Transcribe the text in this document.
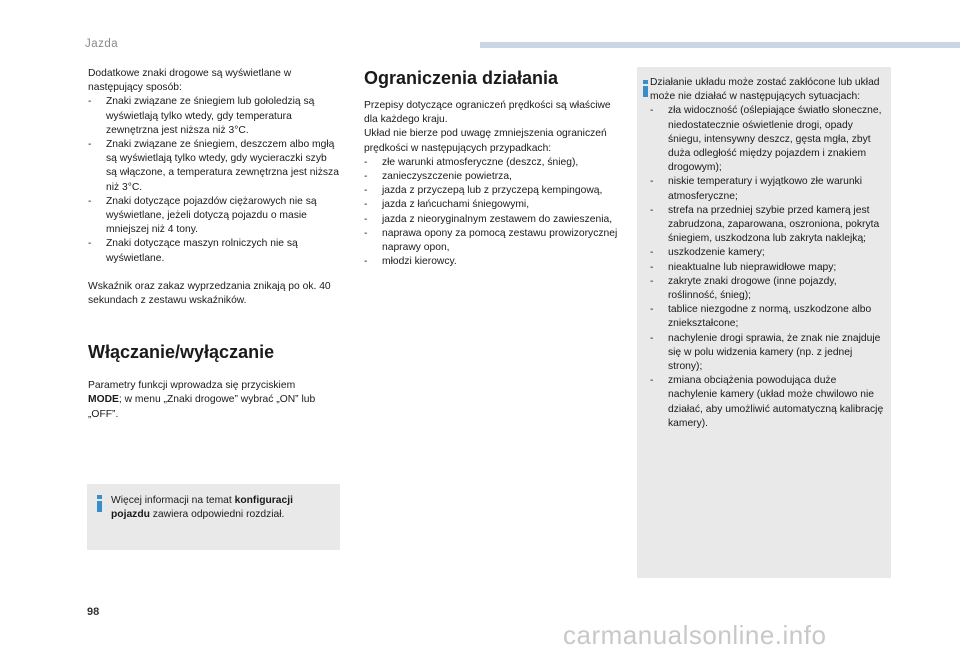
Jazda

Dodatkowe znaki drogowe są wyświetlane w następujący sposób:

- Znaki związane ze śniegiem lub gołoledzią są wyświetlają tylko wtedy, gdy temperatura zewnętrzna jest niższa niż 3°C.
- Znaki związane ze śniegiem, deszczem albo mgłą są wyświetlają tylko wtedy, gdy wycieraczki szyb są włączone, a temperatura zewnętrzna jest niższa niż 3°C.
- Znaki dotyczące pojazdów ciężarowych nie są wyświetlane, jeżeli dotyczą pojazdu o masie mniejszej niż 4 tony.
- Znaki dotyczące maszyn rolniczych nie są wyświetlane.

Wskaźnik oraz zakaz wyprzedzania znikają po ok. 40 sekundach z zestawu wskaźników.

Włączanie/wyłączanie

Parametry funkcji wprowadza się przyciskiem
MODE; w menu „Znaki drogowe” wybrać „ON” lub „OFF”.

Więcej informacji na temat konfiguracji pojazdu zawiera odpowiedni rozdział.
Ograniczenia działania

Przepisy dotyczące ograniczeń prędkości są właściwe dla każdego kraju.

Układ nie bierze pod uwagę zmniejszenia ograniczeń prędkości w następujących przypadkach:

- złe warunki atmosferyczne (deszcz, śnieg),
- zanieczyszczenie powietrza,
- jazda z przyczepą lub z przyczepą kempingową,
- jazda z łańcuchami śniegowymi,
- jazda z nieoryginalnym zestawem do zawieszenia,
- naprawa opony za pomocą zestawu prowizorycznej naprawy opon,
- młodzi kierowcy.

Działanie układu może zostać zakłócone lub układ może nie działać w następujących sytuacjach:

- zła widoczność (oślepiające światło słoneczne, niedostatecznie oświetlenie drogi, opady śniegu, intensywny deszcz, gęsta mgła, zbyt duża odległość między pojazdem i znakiem drogowym);
- niskie temperatury i wyjątkowo złe warunki atmosferyczne;
- strefa na przedniej szybie przed kamerą jest zabrudzona, zaparowana, oszroniona, pokryta śniegiem, uszkodzona lub zakryta naklejką;
- uszkodzenie kamery;
- nieaktualne lub nieprawidłowe mapy;
- zakryte znaki drogowe (inne pojazdy, roślinność, śnieg);
- tablice niezgodne z normą, uszkodzone albo zniekształcone;
- nachylenie drogi sprawia, że znak nie znajduje się w polu widzenia kamery (np. z jednej strony);
- zmiana obciążenia powodująca duże nachylenie kamery (układ może chwilowo nie działać, aby umożliwić automatyczną kalibrację kamery).
98
carmanualsonline.info
